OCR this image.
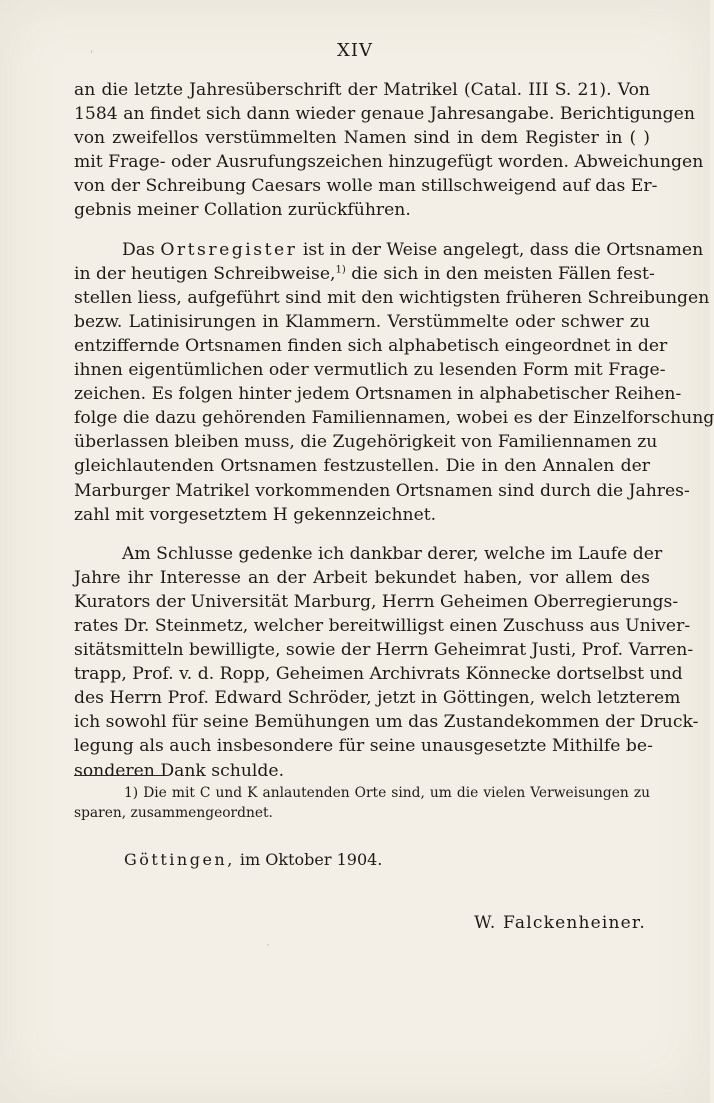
XIV
an die letzte Jahresüberschrift der Matrikel (Catal. III S. 21). Von
1584 an findet sich dann wieder genaue Jahresangabe. Berichtigungen
von zweifellos verstümmelten Namen sind in dem Register in ( )
mit Frage- oder Ausrufungszeichen hinzugefügt worden. Abweichungen
von der Schreibung Caesars wolle man stillschweigend auf das Er-
gebnis meiner Collation zurückführen.
Das Ortsregister ist in der Weise angelegt, dass die Ortsnamen
in der heutigen Schreibweise,$^{1)}$ die sich in den meisten Fällen fest-
stellen liess, aufgeführt sind mit den wichtigsten früheren Schreibungen
bezw. Latinisirungen in Klammern. Verstümmelte oder schwer zu
entziffernde Ortsnamen finden sich alphabetisch eingeordnet in der
ihnen eigentümlichen oder vermutlich zu lesenden Form mit Frage-
zeichen. Es folgen hinter jedem Ortsnamen in alphabetischer Reihen-
folge die dazu gehörenden Familiennamen, wobei es der Einzelforschung
überlassen bleiben muss, die Zugehörigkeit von Familiennamen zu
gleichlautenden Ortsnamen festzustellen. Die in den Annalen der
Marburger Matrikel vorkommenden Ortsnamen sind durch die Jahres-
zahl mit vorgesetztem H gekennzeichnet.
Am Schlusse gedenke ich dankbar derer, welche im Laufe der
Jahre ihr Interesse an der Arbeit bekundet haben, vor allem des
Kurators der Universität Marburg, Herrn Geheimen Oberregierungs-
rates Dr. Steinmetz, welcher bereitwilligst einen Zuschuss aus Univer-
sitätsmitteln bewilligte, sowie der Herrn Geheimrat Justi, Prof. Varren-
trapp, Prof. v. d. Ropp, Geheimen Archivrats Könnecke dortselbst und
des Herrn Prof. Edward Schröder, jetzt in Göttingen, welch letzterem
ich sowohl für seine Bemühungen um das Zustandekommen der Druck-
legung als auch insbesondere für seine unausgesetzte Mithilfe be-
sonderen Dank schulde.
1) Die mit C und K anlautenden Orte sind, um die vielen Verweisungen zu
sparen, zusammengeordnet.
Göttingen, im Oktober 1904.
W. Falckenheiner.
'
·
